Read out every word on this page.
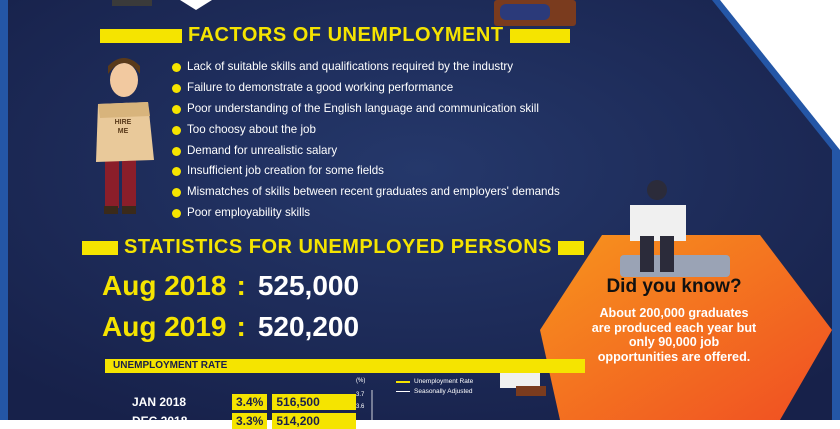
HIRE
ME
FACTORS OF UNEMPLOYMENT
Lack of suitable skills and qualifications required by the industry
Failure to demonstrate a good working performance
Poor understanding of the English language and communication skill
Too choosy about the job
Demand for unrealistic salary
Insufficient job creation for some fields
Mismatches of skills between recent graduates and employers' demands
Poor employability skills
STATISTICS FOR UNEMPLOYED PERSONS
Aug 2018 : 525,000
Aug 2019 : 520,200
UNEMPLOYMENT RATE
JAN 2018	3.4%	516,500
DEC 2018	3.3%	514,200
(%)
3.7
3.6
Unemployment Rate
Seasonally Adjusted
Did you know?
About 200,000 graduates are produced each year but only 90,000 job opportunities are offered.
